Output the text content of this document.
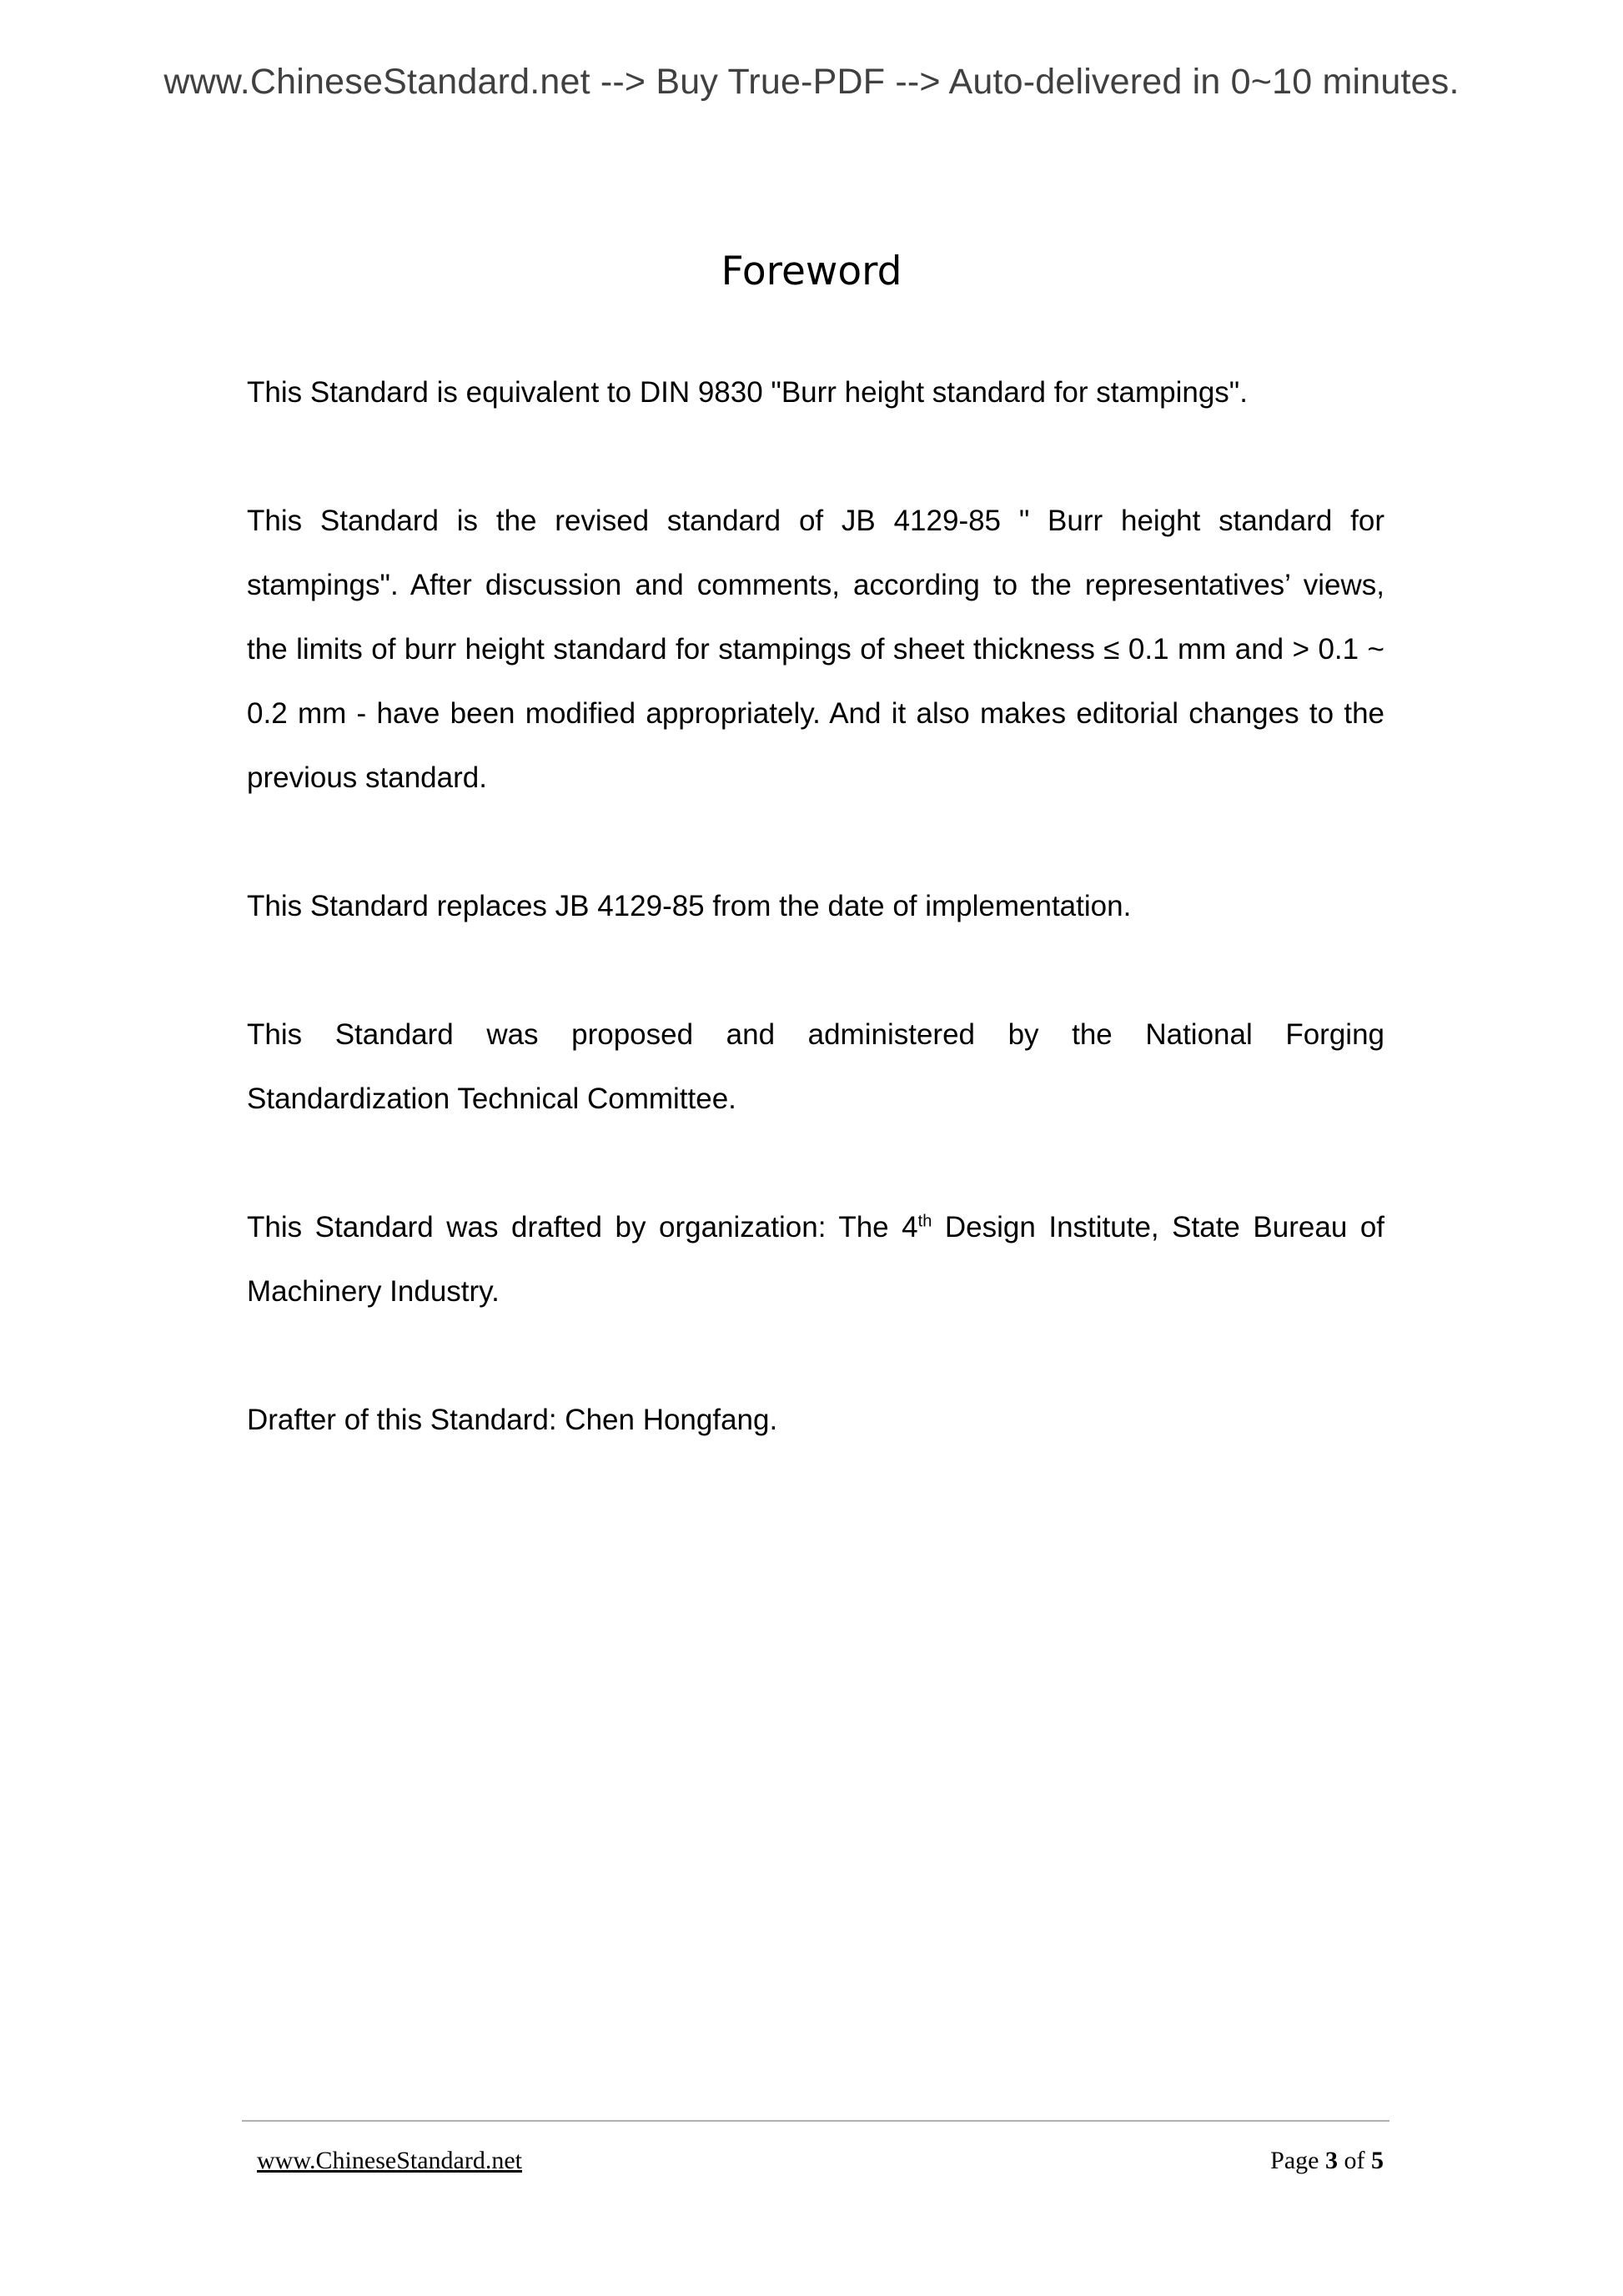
www.ChineseStandard.net --> Buy True-PDF --> Auto-delivered in 0~10 minutes.
Foreword

This Standard is equivalent to DIN 9830 "Burr height standard for stampings".

This Standard is the revised standard of JB 4129-85 " Burr height standard for stampings". After discussion and comments, according to the representatives’ views, the limits of burr height standard for stampings of sheet thickness ≤ 0.1 mm and > 0.1 ~ 0.2 mm - have been modified appropriately. And it also makes editorial changes to the previous standard.

This Standard replaces JB 4129-85 from the date of implementation.

This Standard was proposed and administered by the National Forging
Standardization Technical Committee.

This Standard was drafted by organization: The 4th Design Institute, State Bureau of Machinery Industry.

Drafter of this Standard: Chen Hongfang.

www.ChineseStandard.net	Page 3 of 5
